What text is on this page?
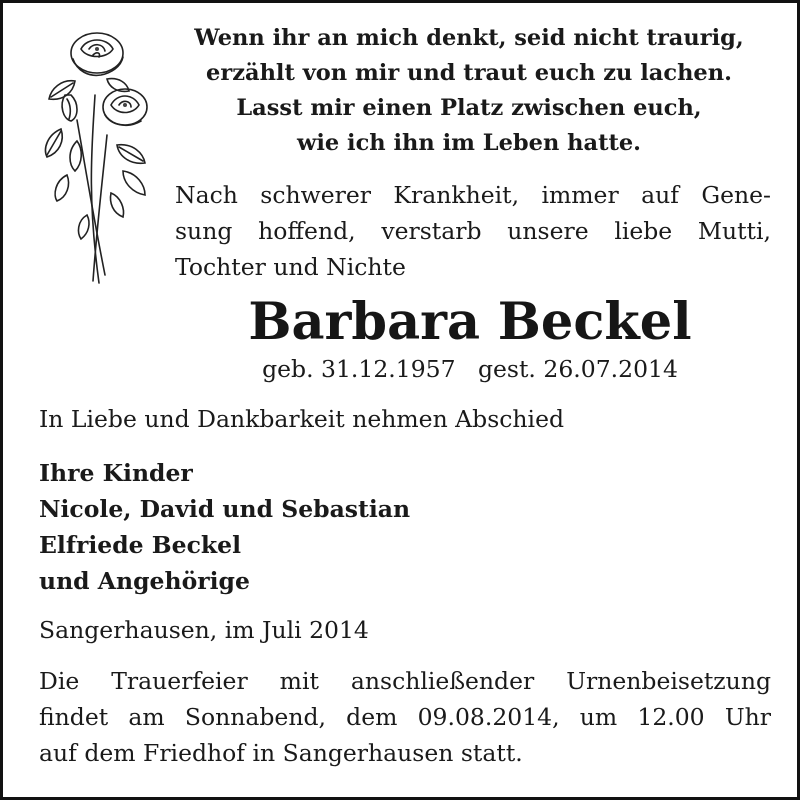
Wenn ihr an mich denkt, seid nicht traurig,
erzählt von mir und traut euch zu lachen.
Lasst mir einen Platz zwischen euch,
wie ich ihn im Leben hatte.
Nach schwerer Krankheit, immer auf Gene-
sung hoffend, verstarb unsere liebe Mutti,
Tochter und Nichte
Barbara Beckel
geb. 31.12.1957   gest. 26.07.2014
In Liebe und Dankbarkeit nehmen Abschied
Ihre Kinder
Nicole, David und Sebastian
Elfriede Beckel
und Angehörige
Sangerhausen, im Juli 2014
Die Trauerfeier mit anschließender Urnenbeisetzung
findet am Sonnabend, dem 09.08.2014, um 12.00 Uhr
auf dem Friedhof in Sangerhausen statt.
